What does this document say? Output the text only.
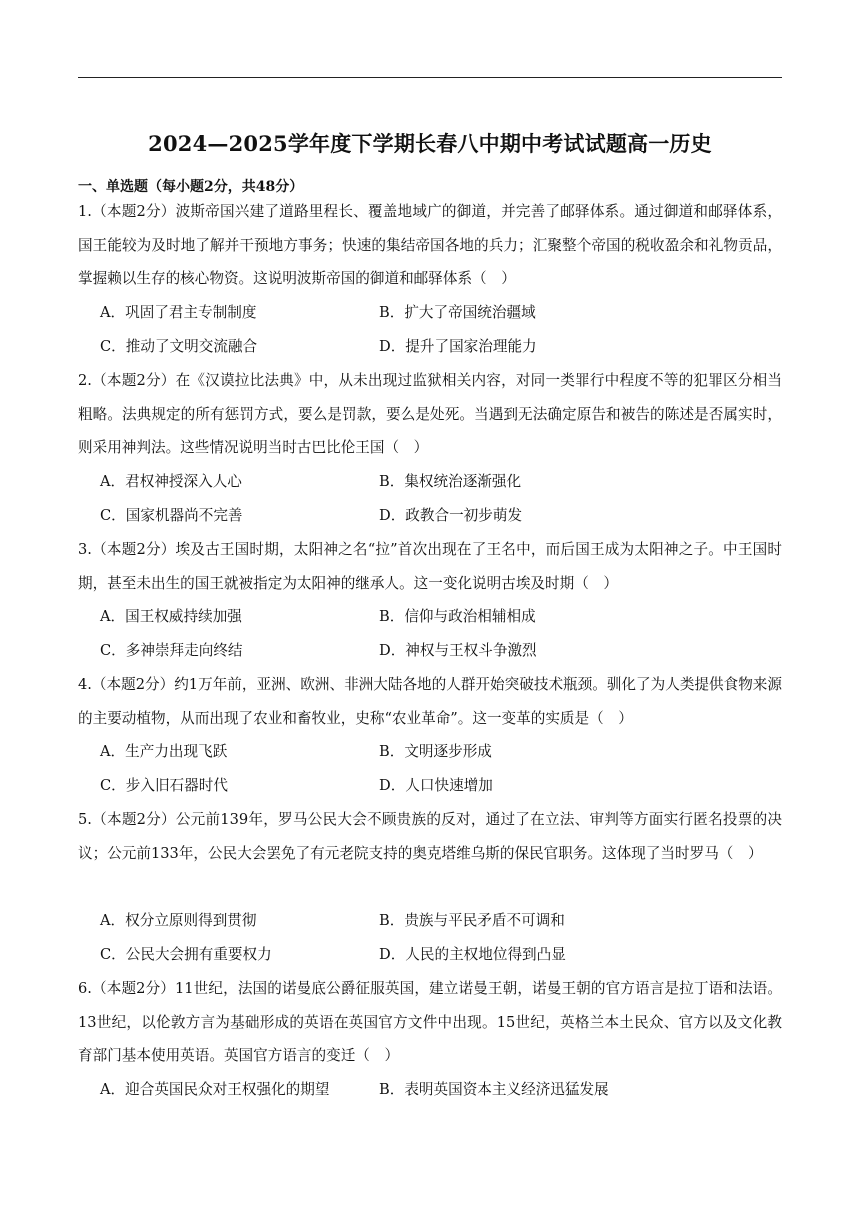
2024—2025学年度下学期长春八中期中考试试题高一历史
一、单选题（每小题2分，共48分）
1.（本题2分）波斯帝国兴建了道路里程长、覆盖地域广的御道，并完善了邮驿体系。通过御道和邮驿体系，国王能较为及时地了解并干预地方事务；快速的集结帝国各地的兵力；汇聚整个帝国的税收盈余和礼物贡品，掌握赖以生存的核心物资。这说明波斯帝国的御道和邮驿体系（　）
A．巩固了君主专制制度	B．扩大了帝国统治疆域
C．推动了文明交流融合	D．提升了国家治理能力
2.（本题2分）在《汉谟拉比法典》中，从未出现过监狱相关内容，对同一类罪行中程度不等的犯罪区分相当粗略。法典规定的所有惩罚方式，要么是罚款，要么是处死。当遇到无法确定原告和被告的陈述是否属实时，则采用神判法。这些情况说明当时古巴比伦王国（　）
A．君权神授深入人心	B．集权统治逐渐强化
C．国家机器尚不完善	D．政教合一初步萌发
3.（本题2分）埃及古王国时期，太阳神之名“拉”首次出现在了王名中，而后国王成为太阳神之子。中王国时期，甚至未出生的国王就被指定为太阳神的继承人。这一变化说明古埃及时期（　）
A．国王权威持续加强	B．信仰与政治相辅相成
C．多神崇拜走向终结	D．神权与王权斗争激烈
4.（本题2分）约1万年前，亚洲、欧洲、非洲大陆各地的人群开始突破技术瓶颈。驯化了为人类提供食物来源的主要动植物，从而出现了农业和畜牧业，史称“农业革命”。这一变革的实质是（　）
A．生产力出现飞跃	B．文明逐步形成
C．步入旧石器时代	D．人口快速增加
5.（本题2分）公元前139年，罗马公民大会不顾贵族的反对，通过了在立法、审判等方面实行匿名投票的决议；公元前133年，公民大会罢免了有元老院支持的奥克塔维乌斯的保民官职务。这体现了当时罗马（　）
A．权分立原则得到贯彻	B．贵族与平民矛盾不可调和
C．公民大会拥有重要权力	D．人民的主权地位得到凸显
6.（本题2分）11世纪，法国的诺曼底公爵征服英国，建立诺曼王朝，诺曼王朝的官方语言是拉丁语和法语。13世纪，以伦敦方言为基础形成的英语在英国官方文件中出现。15世纪，英格兰本土民众、官方以及文化教育部门基本使用英语。英国官方语言的变迁（　）
A．迎合英国民众对王权强化的期望	B．表明英国资本主义经济迅猛发展
